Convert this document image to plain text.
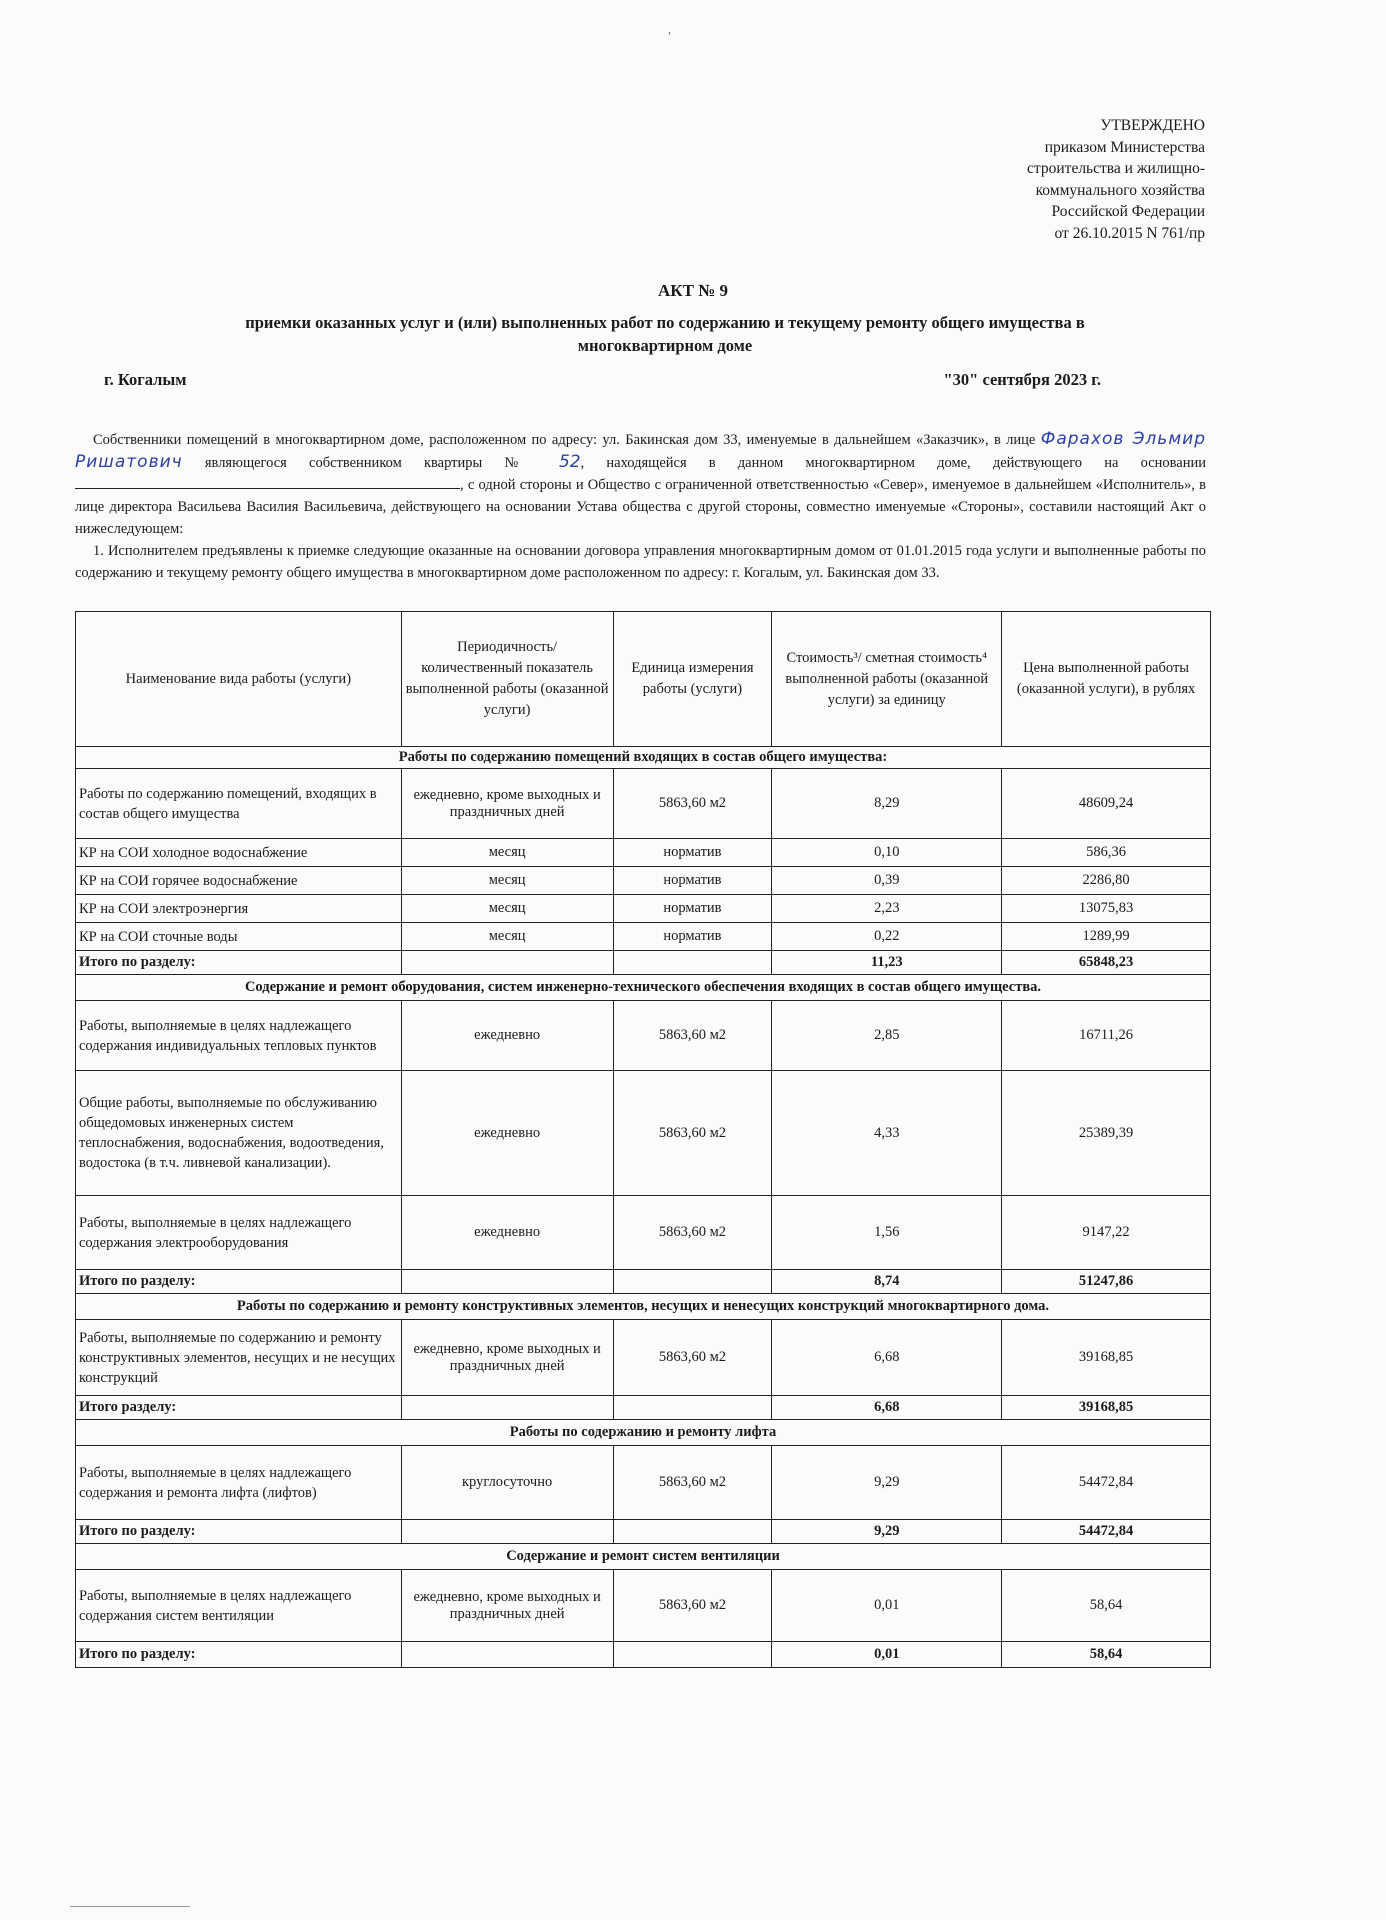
,
УТВЕРЖДЕНО
приказом Министерства
строительства и жилищно-
коммунального хозяйства
Российской Федерации
от 26.10.2015 N 761/пр
АКТ № 9
приемки оказанных услуг и (или) выполненных работ по содержанию и текущему ремонту общего имущества в
многоквартирном доме
г. Когалым	"30" сентября 2023 г.

Собственники помещений в многоквартирном доме, расположенном по адресу: ул. Бакинская дом 33, именуемые в дальнейшем «Заказчик», в лице Фарахов Эльмир Ришатович являющегося собственником квартиры № 52, находящейся в данном многоквартирном доме, действующего на основании , с одной стороны и Общество с ограниченной ответственностью «Север», именуемое в дальнейшем «Исполнитель», в лице директора Васильева Василия Васильевича, действующего на основании Устава общества с другой стороны, совместно именуемые «Стороны», составили настоящий Акт о нижеследующем:

1. Исполнителем предъявлены к приемке следующие оказанные на основании договора управления многоквартирным домом от 01.01.2015 года услуги и выполненные работы по содержанию и текущему ремонту общего имущества в многоквартирном доме расположенном по адресу: г. Когалым, ул. Бакинская дом 33.

Наименование вида работы (услуги)	Периодичность/ количественный показатель выполненной работы (оказанной услуги)	Единица измерения работы (услуги)	Стоимость³/ сметная стоимость⁴ выполненной работы (оказанной услуги) за единицу	Цена выполненной работы (оказанной услуги), в рублях
Работы по содержанию помещений входящих в состав общего имущества:				
Работы по содержанию помещений, входящих в состав общего имущества	ежедневно, кроме выходных и праздничных дней	5863,60 м2	8,29	48609,24
КР на СОИ холодное водоснабжение	месяц	норматив	0,10	586,36
КР на СОИ горячее водоснабжение	месяц	норматив	0,39	2286,80
КР на СОИ электроэнергия	месяц	норматив	2,23	13075,83
КР на СОИ сточные воды	месяц	норматив	0,22	1289,99
Итого по разделу:			11,23	65848,23
Содержание и ремонт оборудования, систем инженерно-технического обеспечения входящих в состав общего имущества.				
Работы, выполняемые в целях надлежащего содержания индивидуальных тепловых пунктов	ежедневно	5863,60 м2	2,85	16711,26
Общие работы, выполняемые по обслуживанию общедомовых инженерных систем теплоснабжения, водоснабжения, водоотведения, водостока (в т.ч. ливневой канализации).	ежедневно	5863,60 м2	4,33	25389,39
Работы, выполняемые в целях надлежащего содержания электрооборудования	ежедневно	5863,60 м2	1,56	9147,22
Итого по разделу:			8,74	51247,86
Работы по содержанию и ремонту конструктивных элементов, несущих и ненесущих конструкций многоквартирного дома.				
Работы, выполняемые по содержанию и ремонту конструктивных элементов, несущих и не несущих конструкций	ежедневно, кроме выходных и праздничных дней	5863,60 м2	6,68	39168,85
Итого разделу:			6,68	39168,85
Работы по содержанию и ремонту лифта				
Работы, выполняемые в целях надлежащего содержания и ремонта лифта (лифтов)	круглосуточно	5863,60 м2	9,29	54472,84
Итого по разделу:			9,29	54472,84
Содержание и ремонт систем вентиляции				
Работы, выполняемые в целях надлежащего содержания систем вентиляции	ежедневно, кроме выходных и праздничных дней	5863,60 м2	0,01	58,64
Итого по разделу:			0,01	58,64
